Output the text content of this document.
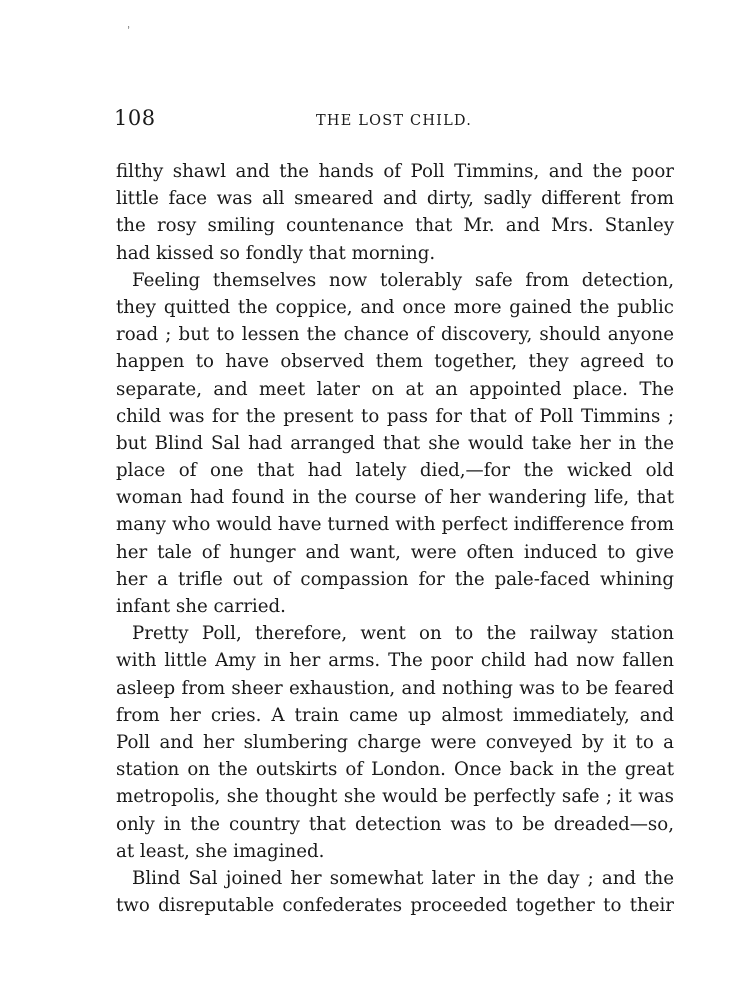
’
108	THE LOST CHILD.
filthy shawl and the hands of Poll Timmins, and the poor
little face was all smeared and dirty, sadly different from
the rosy smiling countenance that Mr. and Mrs. Stanley
had kissed so fondly that morning.
Feeling themselves now tolerably safe from detection,
they quitted the coppice, and once more gained the public
road ; but to lessen the chance of discovery, should anyone
happen to have observed them together, they agreed to
separate, and meet later on at an appointed place. The
child was for the present to pass for that of Poll Timmins ;
but Blind Sal had arranged that she would take her in the
place of one that had lately died,—for the wicked old
woman had found in the course of her wandering life, that
many who would have turned with perfect indifference from
her tale of hunger and want, were often induced to give
her a trifle out of compassion for the pale-faced whining
infant she carried.
Pretty Poll, therefore, went on to the railway station
with little Amy in her arms. The poor child had now fallen
asleep from sheer exhaustion, and nothing was to be feared
from her cries. A train came up almost immediately, and
Poll and her slumbering charge were conveyed by it to a
station on the outskirts of London. Once back in the great
metropolis, she thought she would be perfectly safe ; it was
only in the country that detection was to be dreaded—so,
at least, she imagined.
Blind Sal joined her somewhat later in the day ; and the
two disreputable confederates proceeded together to their
